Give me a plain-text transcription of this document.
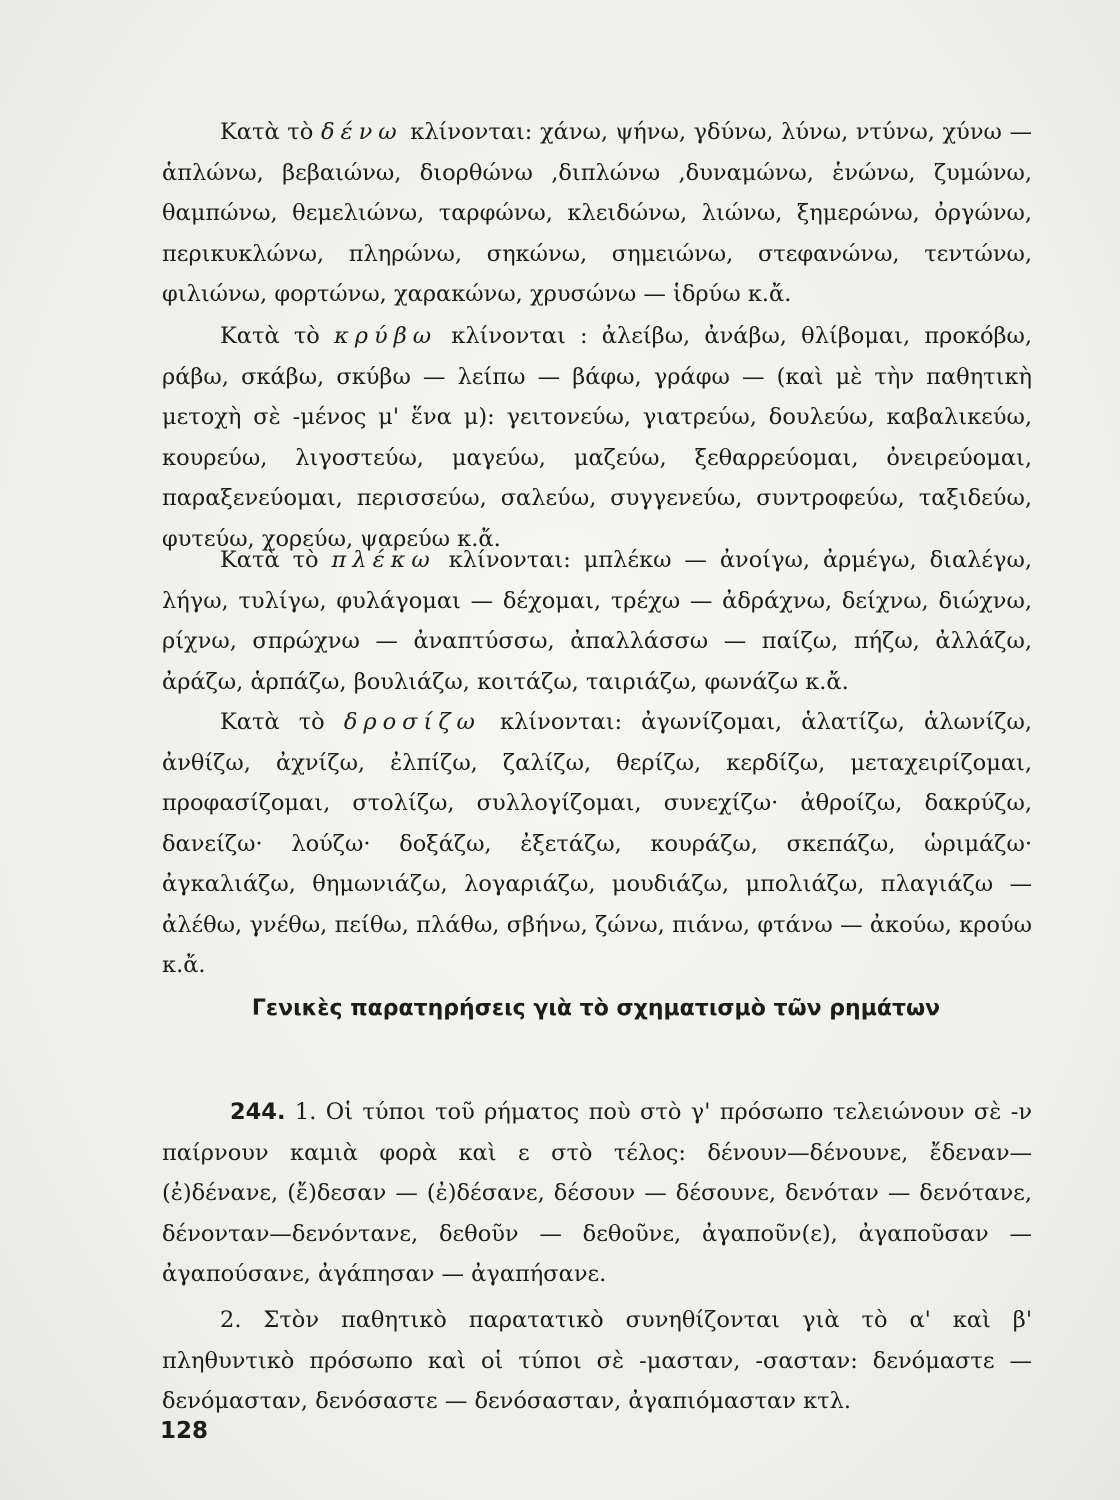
Κατὰ τὸ δένω κλίνονται: χάνω, ψήνω, γδύνω, λύνω, ντύνω, χύνω — ἁπλώνω, βεβαιώνω, διορθώνω ,διπλώνω ,δυναμώνω, ἑνώνω, ζυμώνω, θαμπώνω, θεμελιώνω, ταρφώνω, κλειδώνω, λιώνω, ξημερώνω, ὀργώνω, περικυκλώνω, πληρώνω, σηκώνω, σημειώνω, στεφανώνω, τεντώνω, φιλιώνω, φορτώνω, χαρακώνω, χρυσώνω — ἱδρύω κ.ἄ.

Κατὰ τὸ κρύβω κλίνονται : ἀλείβω, ἀνάβω, θλίβομαι, προκόβω, ράβω, σκάβω, σκύβω — λείπω — βάφω, γράφω — (καὶ μὲ τὴν παθητικὴ μετοχὴ σὲ -μένος μ' ἕνα μ): γειτονεύω, γιατρεύω, δουλεύω, καβαλικεύω, κουρεύω, λιγοστεύω, μαγεύω, μαζεύω, ξεθαρρεύομαι, ὀνειρεύομαι, παραξενεύομαι, περισσεύω, σαλεύω, συγγενεύω, συντροφεύω, ταξιδεύω, φυτεύω, χορεύω, ψαρεύω κ.ἄ.

Κατὰ τὸ πλέκω κλίνονται: μπλέκω — ἀνοίγω, ἀρμέγω, διαλέγω, λήγω, τυλίγω, φυλάγομαι — δέχομαι, τρέχω — ἀδράχνω, δείχνω, διώχνω, ρίχνω, σπρώχνω — ἀναπτύσσω, ἀπαλλάσσω — παίζω, πήζω, ἀλλάζω, ἀράζω, ἁρπάζω, βουλιάζω, κοιτάζω, ταιριάζω, φωνάζω κ.ἄ.

Κατὰ τὸ δροσίζω κλίνονται: ἀγωνίζομαι, ἁλατίζω, ἁλωνίζω, ἀνθίζω, ἀχνίζω, ἐλπίζω, ζαλίζω, θερίζω, κερδίζω, μεταχειρίζομαι, προφασίζομαι, στολίζω, συλλογίζομαι, συνεχίζω· ἀθροίζω, δακρύζω, δανείζω· λούζω· δοξάζω, ἐξετάζω, κουράζω, σκεπάζω, ὡριμάζω· ἀγκαλιάζω, θημωνιάζω, λογαριάζω, μουδιάζω, μπολιάζω, πλαγιάζω — ἀλέθω, γνέθω, πείθω, πλάθω, σβήνω, ζώνω, πιάνω, φτάνω — ἀκούω, κρούω κ.ἄ.

Γενικὲς παρατηρήσεις γιὰ τὸ σχηματισμὸ τῶν ρημάτων

244. 1. Οἱ τύποι τοῦ ρήματος ποὺ στὸ γ' πρόσωπο τελειώνουν σὲ -ν παίρνουν καμιὰ φορὰ καὶ ε στὸ τέλος: δένουν—δένουνε, ἔδεναν—(ἐ)δένανε, (ἔ)δεσαν — (ἐ)δέσανε, δέσουν — δέσουνε, δενόταν — δενότανε, δένονταν—δενόντανε, δεθοῦν — δεθοῦνε, ἀγαποῦν(ε), ἀγαποῦσαν — ἀγαπούσανε, ἀγάπησαν — ἀγαπήσανε.

2. Στὸν παθητικὸ παρατατικὸ συνηθίζονται γιὰ τὸ α' καὶ β' πληθυντικὸ πρόσωπο καὶ οἱ τύποι σὲ -μασταν, -σασταν: δενόμαστε —δενόμασταν, δενόσαστε — δενόσασταν, ἀγαπιόμασταν κτλ.

128
